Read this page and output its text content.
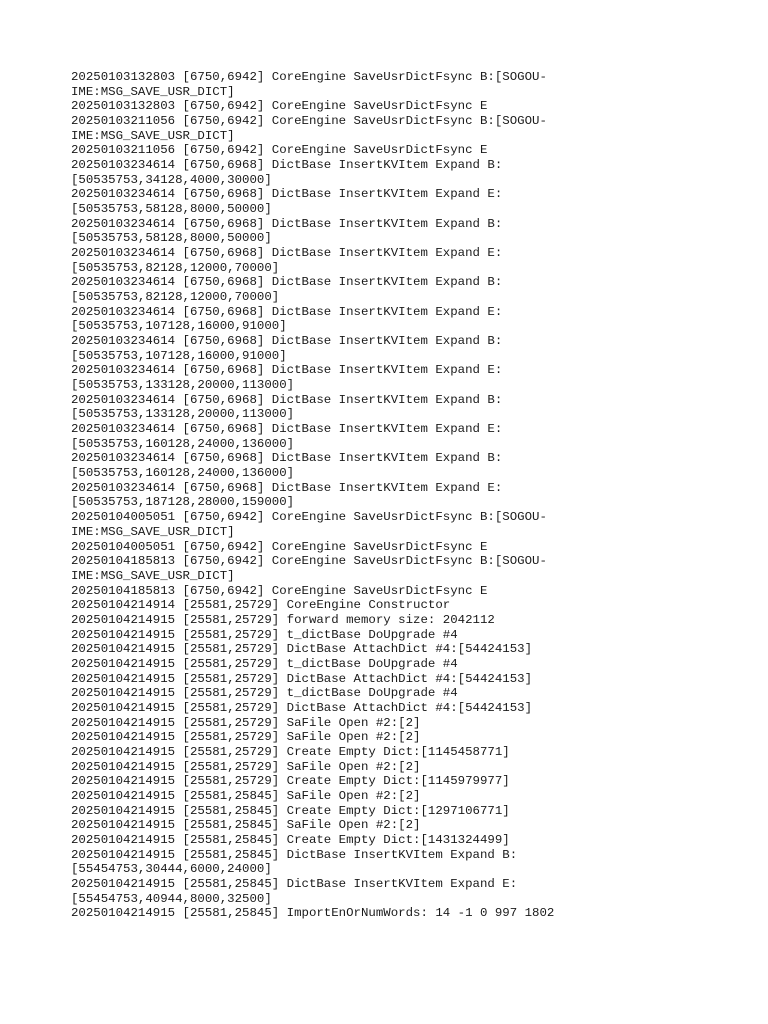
20250103132803 [6750,6942] CoreEngine SaveUsrDictFsync B:[SOGOU-
IME:MSG_SAVE_USR_DICT]
20250103132803 [6750,6942] CoreEngine SaveUsrDictFsync E
20250103211056 [6750,6942] CoreEngine SaveUsrDictFsync B:[SOGOU-
IME:MSG_SAVE_USR_DICT]
20250103211056 [6750,6942] CoreEngine SaveUsrDictFsync E
20250103234614 [6750,6968] DictBase InsertKVItem Expand B:
[50535753,34128,4000,30000]
20250103234614 [6750,6968] DictBase InsertKVItem Expand E:
[50535753,58128,8000,50000]
20250103234614 [6750,6968] DictBase InsertKVItem Expand B:
[50535753,58128,8000,50000]
20250103234614 [6750,6968] DictBase InsertKVItem Expand E:
[50535753,82128,12000,70000]
20250103234614 [6750,6968] DictBase InsertKVItem Expand B:
[50535753,82128,12000,70000]
20250103234614 [6750,6968] DictBase InsertKVItem Expand E:
[50535753,107128,16000,91000]
20250103234614 [6750,6968] DictBase InsertKVItem Expand B:
[50535753,107128,16000,91000]
20250103234614 [6750,6968] DictBase InsertKVItem Expand E:
[50535753,133128,20000,113000]
20250103234614 [6750,6968] DictBase InsertKVItem Expand B:
[50535753,133128,20000,113000]
20250103234614 [6750,6968] DictBase InsertKVItem Expand E:
[50535753,160128,24000,136000]
20250103234614 [6750,6968] DictBase InsertKVItem Expand B:
[50535753,160128,24000,136000]
20250103234614 [6750,6968] DictBase InsertKVItem Expand E:
[50535753,187128,28000,159000]
20250104005051 [6750,6942] CoreEngine SaveUsrDictFsync B:[SOGOU-
IME:MSG_SAVE_USR_DICT]
20250104005051 [6750,6942] CoreEngine SaveUsrDictFsync E
20250104185813 [6750,6942] CoreEngine SaveUsrDictFsync B:[SOGOU-
IME:MSG_SAVE_USR_DICT]
20250104185813 [6750,6942] CoreEngine SaveUsrDictFsync E
20250104214914 [25581,25729] CoreEngine Constructor
20250104214915 [25581,25729] forward memory size: 2042112
20250104214915 [25581,25729] t_dictBase DoUpgrade #4
20250104214915 [25581,25729] DictBase AttachDict #4:[54424153]
20250104214915 [25581,25729] t_dictBase DoUpgrade #4
20250104214915 [25581,25729] DictBase AttachDict #4:[54424153]
20250104214915 [25581,25729] t_dictBase DoUpgrade #4
20250104214915 [25581,25729] DictBase AttachDict #4:[54424153]
20250104214915 [25581,25729] SaFile Open #2:[2]
20250104214915 [25581,25729] SaFile Open #2:[2]
20250104214915 [25581,25729] Create Empty Dict:[1145458771]
20250104214915 [25581,25729] SaFile Open #2:[2]
20250104214915 [25581,25729] Create Empty Dict:[1145979977]
20250104214915 [25581,25845] SaFile Open #2:[2]
20250104214915 [25581,25845] Create Empty Dict:[1297106771]
20250104214915 [25581,25845] SaFile Open #2:[2]
20250104214915 [25581,25845] Create Empty Dict:[1431324499]
20250104214915 [25581,25845] DictBase InsertKVItem Expand B:
[55454753,30444,6000,24000]
20250104214915 [25581,25845] DictBase InsertKVItem Expand E:
[55454753,40944,8000,32500]
20250104214915 [25581,25845] ImportEnOrNumWords: 14 -1 0 997 1802
